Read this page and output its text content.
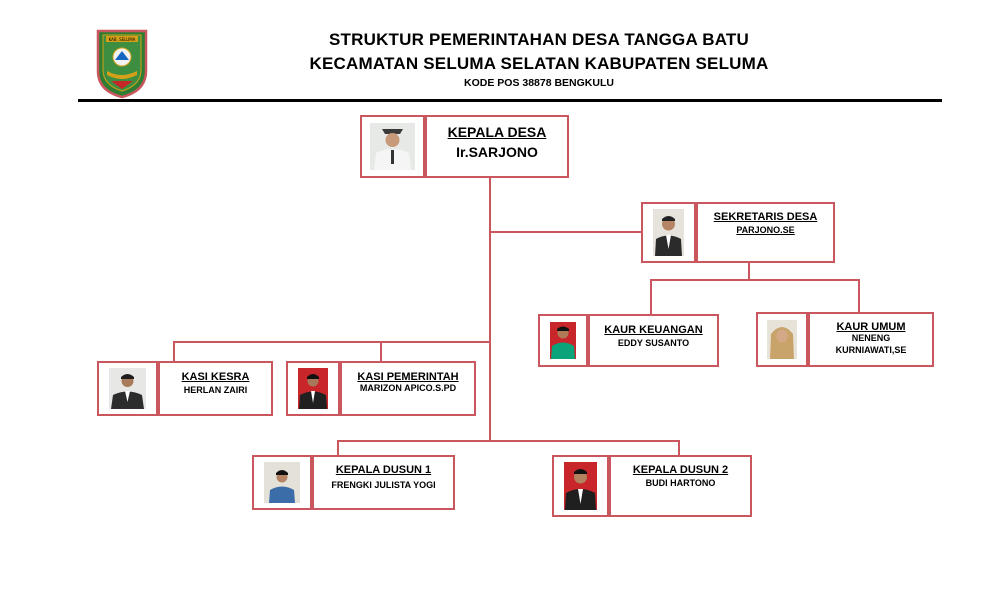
KAB. SELUMA	STRUKTUR PEMERINTAHAN DESA TANGGA BATU
KECAMATAN SELUMA SELATAN KABUPATEN SELUMA
KODE POS 38878 BENGKULU
KEPALA DESA
Ir.SARJONO
SEKRETARIS DESA
PARJONO.SE
KAUR KEUANGAN
EDDY SUSANTO
KAUR UMUM
NENENG
KURNIAWATI,SE
KASI KESRA
HERLAN ZAIRI
KASI PEMERINTAH
MARIZON APICO.S.PD
KEPALA DUSUN 1
FRENGKI JULISTA YOGI
KEPALA DUSUN 2
BUDI HARTONO
